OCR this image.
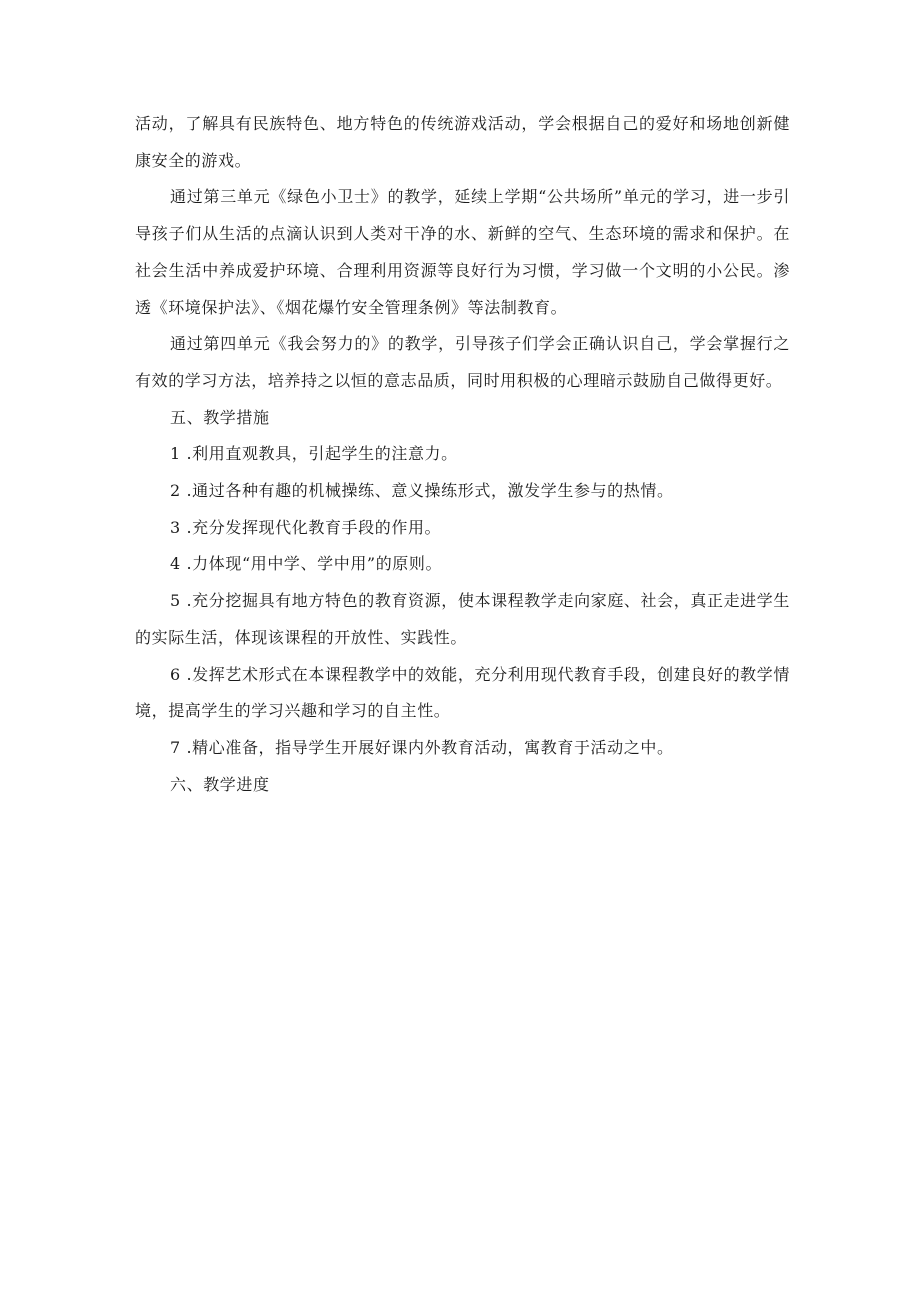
活动，了解具有民族特色、地方特色的传统游戏活动，学会根据自己的爱好和场地创新健康安全的游戏。

通过第三单元《绿色小卫士》的教学，延续上学期“公共场所”单元的学习，进一步引导孩子们从生活的点滴认识到人类对干净的水、新鲜的空气、生态环境的需求和保护。在社会生活中养成爱护环境、合理利用资源等良好行为习惯，学习做一个文明的小公民。渗透《环境保护法》、《烟花爆竹安全管理条例》等法制教育。

通过第四单元《我会努力的》的教学，引导孩子们学会正确认识自己，学会掌握行之有效的学习方法，培养持之以恒的意志品质，同时用积极的心理暗示鼓励自己做得更好。

五、教学措施

1 .利用直观教具，引起学生的注意力。

2 .通过各种有趣的机械操练、意义操练形式，激发学生参与的热情。

3 .充分发挥现代化教育手段的作用。

4 .力体现“用中学、学中用”的原则。

5 .充分挖掘具有地方特色的教育资源，使本课程教学走向家庭、社会，真正走进学生的实际生活，体现该课程的开放性、实践性。

6 .发挥艺术形式在本课程教学中的效能，充分利用现代教育手段，创建良好的教学情境，提高学生的学习兴趣和学习的自主性。

7 .精心准备，指导学生开展好课内外教育活动，寓教育于活动之中。

六、教学进度
